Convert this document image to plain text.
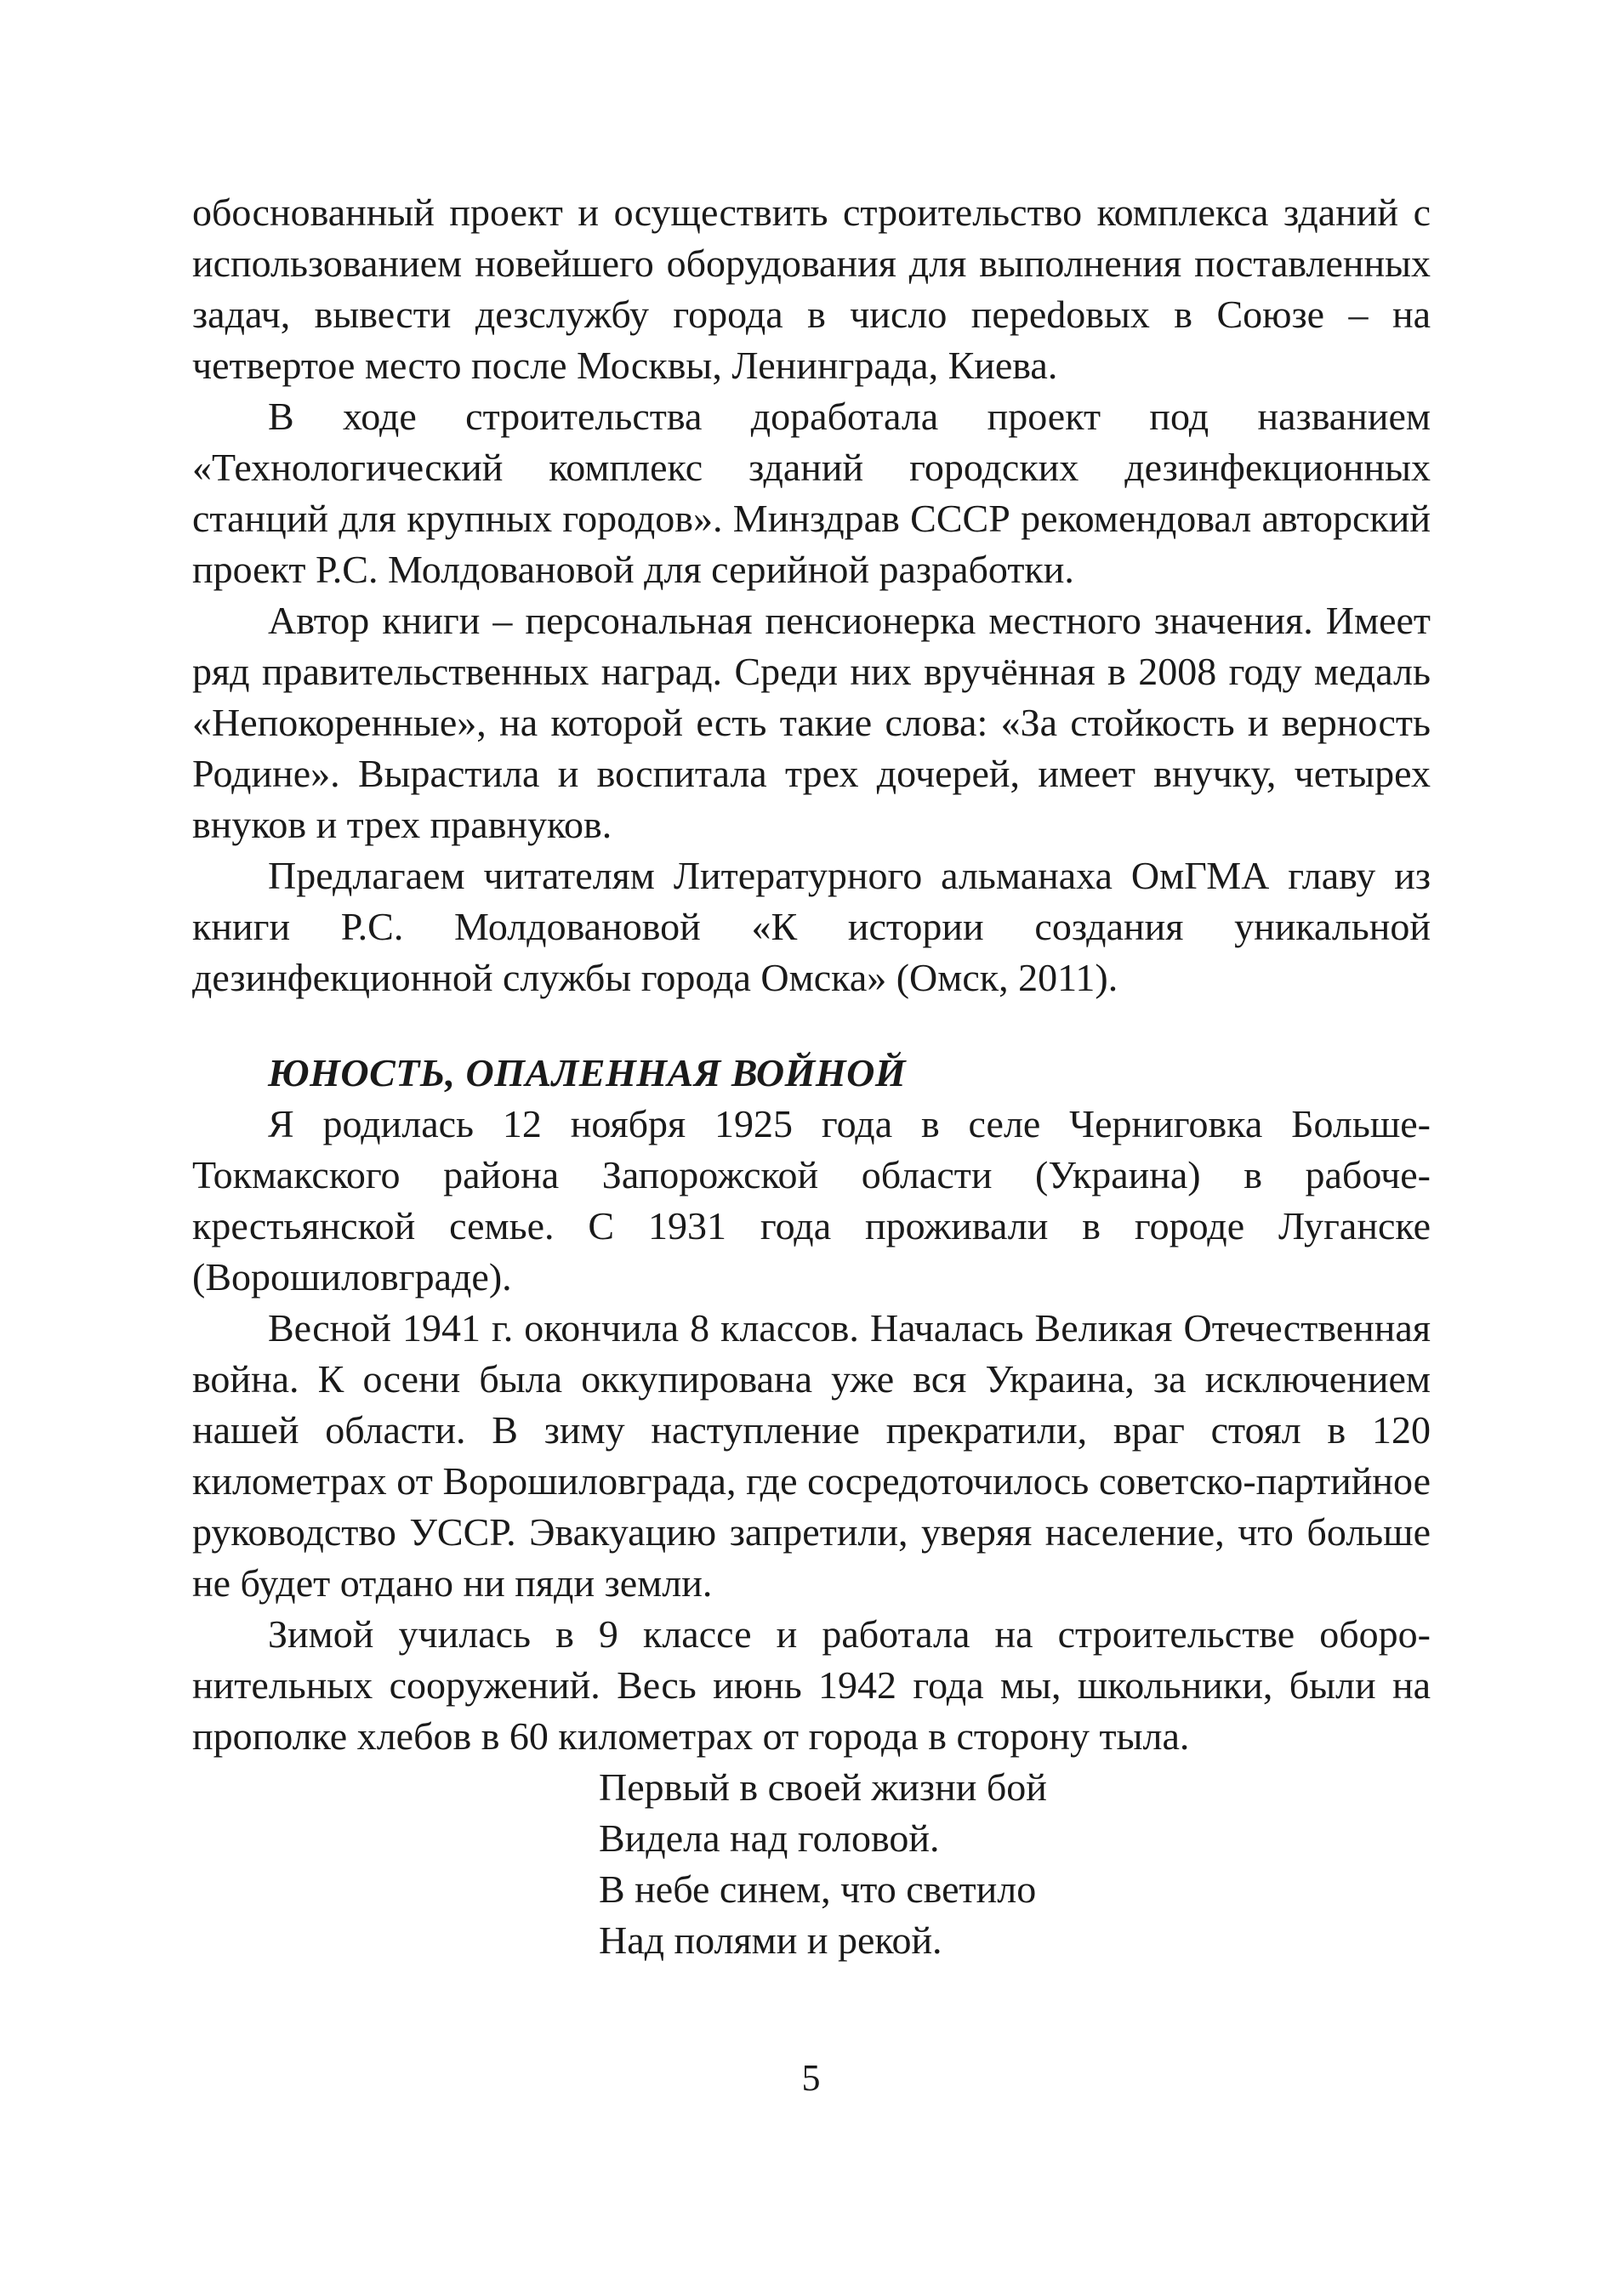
обоснованный проект и осуществить строительство комплекса зданий с использованием новейшего оборудования для выполнения поставленных задач, вывести дезслужбу города в число переdовых в Союзе – на четвертое место после Москвы, Ленинграда, Киева.

В ходе строительства доработала проект под названием «Технологический комплекс зданий городских дезинфекционных станций для крупных городов». Минздрав СССР рекомендовал авторский проект Р.С. Молдовановой для серийной разработки.

Автор книги – персональная пенсионерка местного значения. Имеет ряд правительственных наград. Среди них вручённая в 2008 году медаль «Непокоренные», на которой есть такие слова: «За стойкость и верность Родине». Вырастила и воспитала трех дочерей, имеет внучку, четырех внуков и трех правнуков.

Предлагаем читателям Литературного альманаха ОмГМА главу из книги Р.С. Молдовановой «К истории создания уникальной дезинфекционной службы города Омска» (Омск, 2011).

ЮНОСТЬ, ОПАЛЕННАЯ ВОЙНОЙ

Я родилась 12 ноября 1925 года в селе Черниговка Больше-Токмакского района Запорожской области (Украина) в рабоче-крестьянской семье. С 1931 года проживали в городе Луганске (Ворошиловграде).

Весной 1941 г. окончила 8 классов. Началась Великая Отечественная война. К осени была оккупирована уже вся Украина, за исключением нашей области. В зиму наступление прекратили, враг стоял в 120 километрах от Ворошиловграда, где сосредоточилось советско-партийное руководство УССР. Эвакуацию запретили, уверяя население, что больше не будет отдано ни пяди земли.

Зимой училась в 9 классе и работала на строительстве оборонительных сооружений. Весь июнь 1942 года мы, школьники, были на прополке хлебов в 60 километрах от города в сторону тыла.

Первый в своей жизни бой
Видела над головой.
В небе синем, что светило
Над полями и рекой.
5
